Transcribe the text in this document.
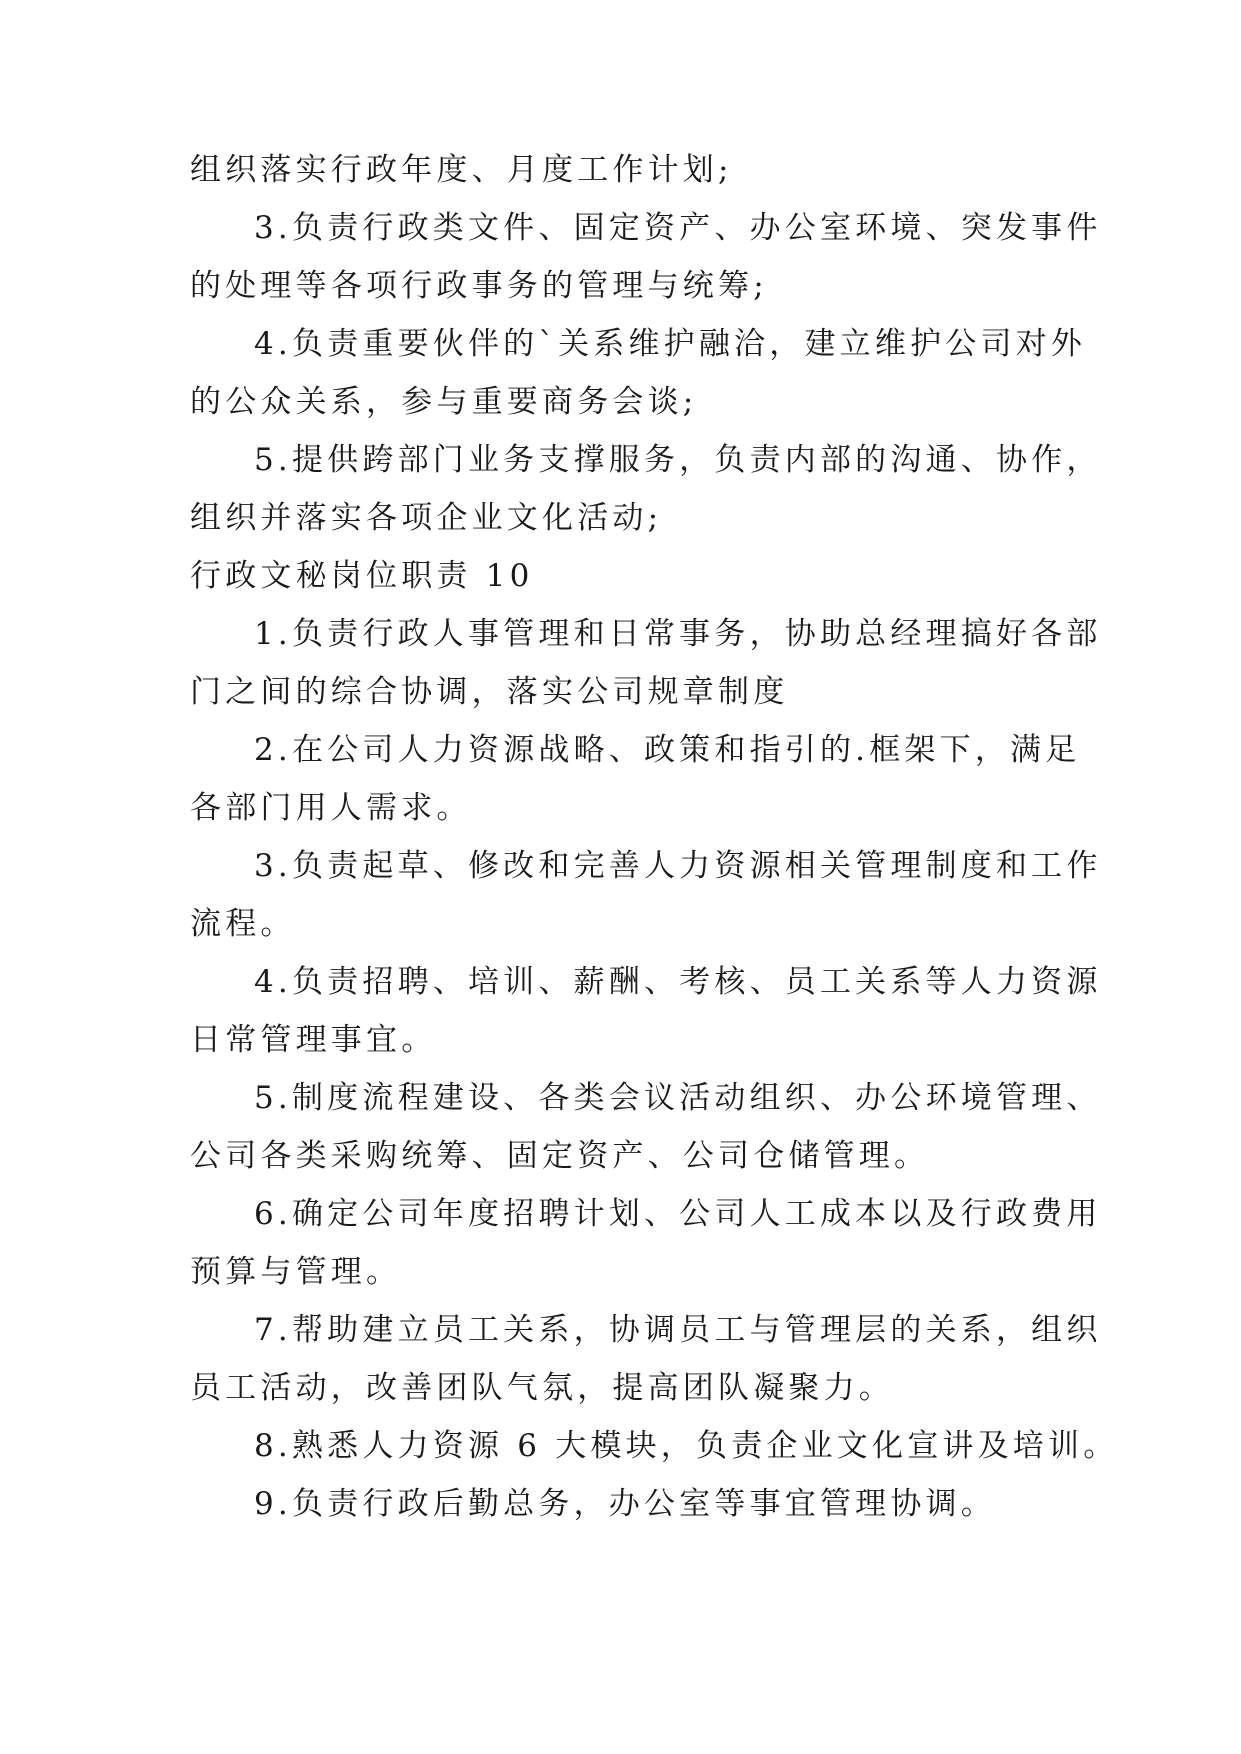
组织落实行政年度、月度工作计划;
3.负责行政类文件、固定资产、办公室环境、突发事件
的处理等各项行政事务的管理与统筹;
4.负责重要伙伴的`关系维护融洽，建立维护公司对外
的公众关系，参与重要商务会谈;
5.提供跨部门业务支撑服务，负责内部的沟通、协作，
组织并落实各项企业文化活动;
行政文秘岗位职责 10
1.负责行政人事管理和日常事务，协助总经理搞好各部
门之间的综合协调，落实公司规章制度
2.在公司人力资源战略、政策和指引的.框架下，满足
各部门用人需求。
3.负责起草、修改和完善人力资源相关管理制度和工作
流程。
4.负责招聘、培训、薪酬、考核、员工关系等人力资源
日常管理事宜。
5.制度流程建设、各类会议活动组织、办公环境管理、
公司各类采购统筹、固定资产、公司仓储管理。
6.确定公司年度招聘计划、公司人工成本以及行政费用
预算与管理。
7.帮助建立员工关系，协调员工与管理层的关系，组织
员工活动，改善团队气氛，提高团队凝聚力。
8.熟悉人力资源 6 大模块，负责企业文化宣讲及培训。
9.负责行政后勤总务，办公室等事宜管理协调。
